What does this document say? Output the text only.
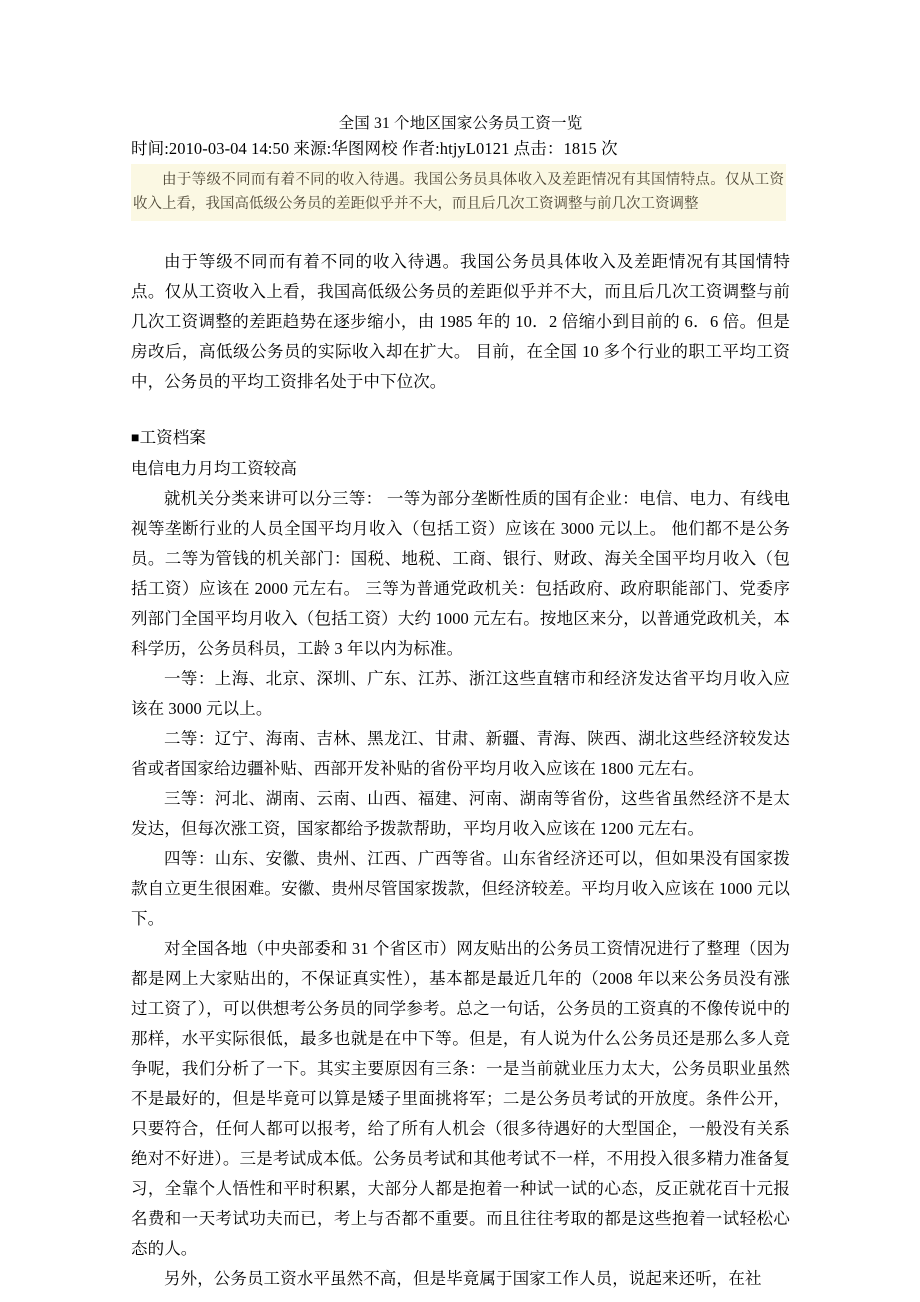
全国 31 个地区国家公务员工资一览
时间:2010-03-04 14:50 来源:华图网校 作者:htjyL0121 点击：1815 次

由于等级不同而有着不同的收入待遇。我国公务员具体收入及差距情况有其国情特点。仅从工资收入上看，我国高低级公务员的差距似乎并不大，而且后几次工资调整与前几次工资调整

由于等级不同而有着不同的收入待遇。我国公务员具体收入及差距情况有其国情特点。仅从工资收入上看，我国高低级公务员的差距似乎并不大，而且后几次工资调整与前几次工资调整的差距趋势在逐步缩小，由 1985 年的 10．2 倍缩小到目前的 6．6 倍。但是房改后，高低级公务员的实际收入却在扩大。 目前，在全国 10 多个行业的职工平均工资中，公务员的平均工资排名处于中下位次。

■工资档案

电信电力月均工资较高

就机关分类来讲可以分三等： 一等为部分垄断性质的国有企业：电信、电力、有线电视等垄断行业的人员全国平均月收入（包括工资）应该在 3000 元以上。 他们都不是公务员。二等为管钱的机关部门：国税、地税、工商、银行、财政、海关全国平均月收入（包括工资）应该在 2000 元左右。 三等为普通党政机关：包括政府、政府职能部门、党委序列部门全国平均月收入（包括工资）大约 1000 元左右。按地区来分，以普通党政机关，本科学历，公务员科员，工龄 3 年以内为标准。

一等：上海、北京、深圳、广东、江苏、浙江这些直辖市和经济发达省平均月收入应该在 3000 元以上。

二等：辽宁、海南、吉林、黑龙江、甘肃、新疆、青海、陕西、湖北这些经济较发达省或者国家给边疆补贴、西部开发补贴的省份平均月收入应该在 1800 元左右。

三等：河北、湖南、云南、山西、福建、河南、湖南等省份，这些省虽然经济不是太发达，但每次涨工资，国家都给予拨款帮助，平均月收入应该在 1200 元左右。

四等：山东、安徽、贵州、江西、广西等省。山东省经济还可以，但如果没有国家拨款自立更生很困难。安徽、贵州尽管国家拨款，但经济较差。平均月收入应该在 1000 元以下。

对全国各地（中央部委和 31 个省区市）网友贴出的公务员工资情况进行了整理（因为都是网上大家贴出的，不保证真实性），基本都是最近几年的（2008 年以来公务员没有涨过工资了），可以供想考公务员的同学参考。总之一句话，公务员的工资真的不像传说中的那样，水平实际很低，最多也就是在中下等。但是，有人说为什么公务员还是那么多人竞争呢，我们分析了一下。其实主要原因有三条：一是当前就业压力太大，公务员职业虽然不是最好的，但是毕竟可以算是矮子里面挑将军；二是公务员考试的开放度。条件公开，只要符合，任何人都可以报考，给了所有人机会（很多待遇好的大型国企，一般没有关系绝对不好进）。三是考试成本低。公务员考试和其他考试不一样，不用投入很多精力准备复习，全靠个人悟性和平时积累，大部分人都是抱着一种试一试的心态，反正就花百十元报名费和一天考试功夫而已，考上与否都不重要。而且往往考取的都是这些抱着一试轻松心态的人。

另外，公务员工资水平虽然不高，但是毕竟属于国家工作人员，说起来还听，在社
